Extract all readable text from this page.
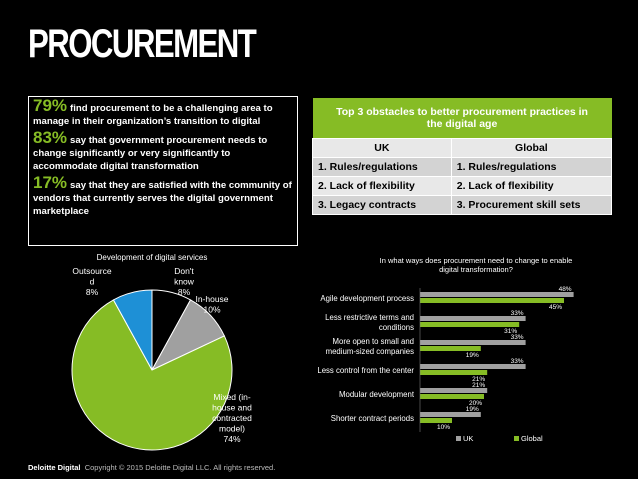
PROCUREMENT
79% find procurement to be a challenging area to manage in their organization’s transition to digital
83% say that government procurement needs to change significantly or very significantly to accommodate digital transformation
17% say that they are satisfied with the community of vendors that currently serves the digital government marketplace
Top 3 obstacles to better procurement practices in the digital age	
UK	Global
1. Rules/regulations	1. Rules/regulations
2. Lack of flexibility	2. Lack of flexibility
3. Legacy contracts	3. Procurement skill sets
Development of digital services
Don't know 8%
In-house 10%
Mixed (in-house and contracted model) 74%
Outsource d 8%
In what ways does procurement need to change to enable digital transformation?
Agile development process
48%
45%
Less restrictive terms and conditions
33%
31%
More open to small and medium-sized companies
33%
19%
Less control from the center
33%
21%
Modular development
21%
20%
Shorter contract periods
19%
10%
UK	Global
Deloitte Digital Copyright © 2015 Deloitte Digital LLC. All rights reserved.
